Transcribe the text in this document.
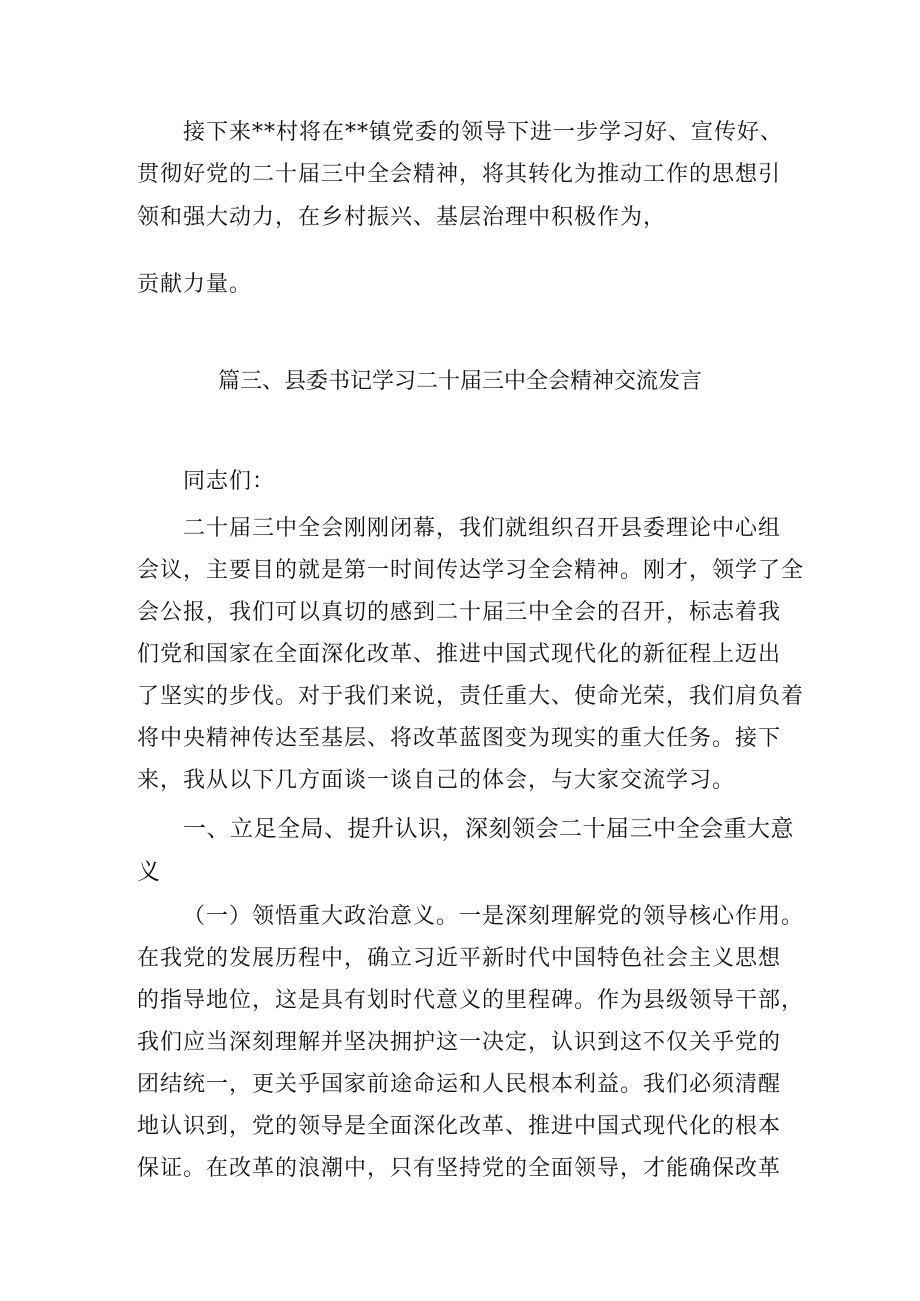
接下来**村将在**镇党委的领导下进一步学习好、宣传好、
贯彻好党的二十届三中全会精神，将其转化为推动工作的思想引
领和强大动力，在乡村振兴、基层治理中积极作为，
贡献力量。
篇三、县委书记学习二十届三中全会精神交流发言
同志们：
二十届三中全会刚刚闭幕，我们就组织召开县委理论中心组
会议，主要目的就是第一时间传达学习全会精神。刚才，领学了全
会公报，我们可以真切的感到二十届三中全会的召开，标志着我
们党和国家在全面深化改革、推进中国式现代化的新征程上迈出
了坚实的步伐。对于我们来说，责任重大、使命光荣，我们肩负着
将中央精神传达至基层、将改革蓝图变为现实的重大任务。接下
来，我从以下几方面谈一谈自己的体会，与大家交流学习。
一、立足全局、提升认识，深刻领会二十届三中全会重大意
义
（一）领悟重大政治意义。一是深刻理解党的领导核心作用。
在我党的发展历程中，确立习近平新时代中国特色社会主义思想
的指导地位，这是具有划时代意义的里程碑。作为县级领导干部，
我们应当深刻理解并坚决拥护这一决定，认识到这不仅关乎党的
团结统一，更关乎国家前途命运和人民根本利益。我们必须清醒
地认识到，党的领导是全面深化改革、推进中国式现代化的根本
保证。在改革的浪潮中，只有坚持党的全面领导，才能确保改革
